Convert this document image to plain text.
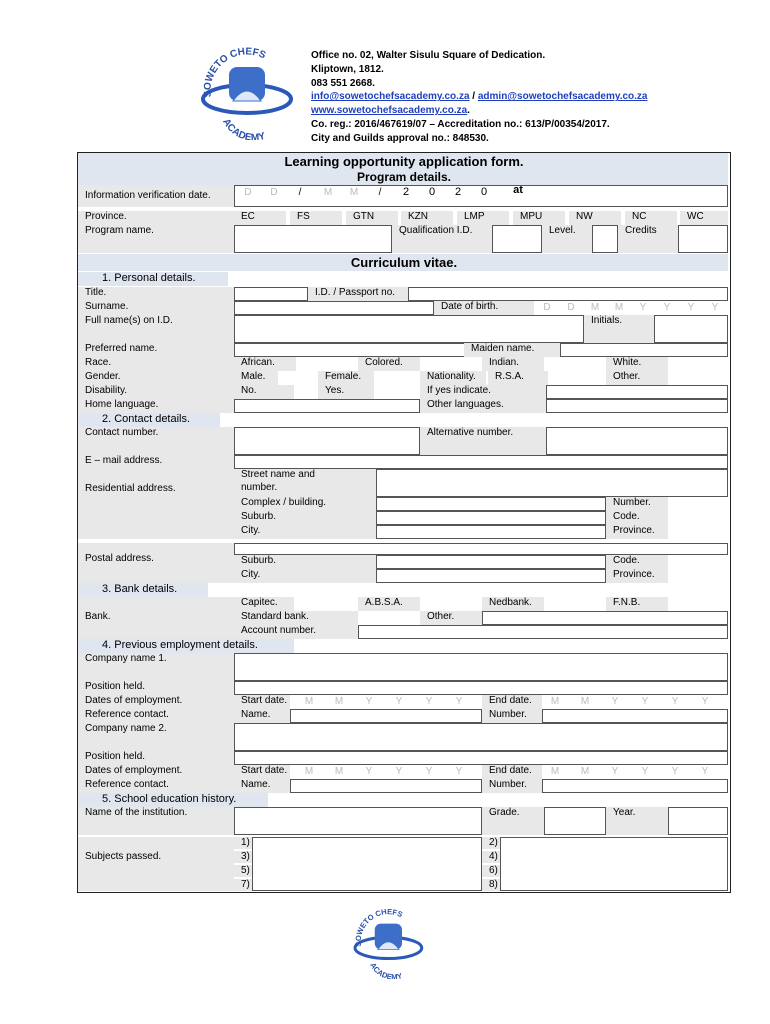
SOWETO CHEFS
ACADEMY
SOWETO CHEFS
ACADEMY
Office no. 02, Walter Sisulu Square of Dedication.
Kliptown, 1812.
083 551 2668.
info@sowetochefsacademy.co.za / admin@sowetochefsacademy.co.za
www.sowetochefsacademy.co.za.
Co. reg.: 2016/467619/07 – Accreditation no.: 613/P/00354/2017.
City and Guilds approval no.: 848530.
Learning opportunity application form.
Program details.
Information verification date.	D	D	/	M	M	/	2	0	2	0	at
Province.	EC	FS	GTN	KZN	LMP	MPU	NW	NC	WC
Program name.	Qualification I.D.	Level.	Credits
Curriculum vitae.
1. Personal details.
Title.	I.D. / Passport no.
Surname.	Date of birth.	D	D	M	M	Y	Y	Y	Y
Full name(s) on I.D.	Initials.
Preferred name.	Maiden name.
Race.	African.	Colored.	Indian.	White.
Gender.	Male.	Female.	Nationality.	R.S.A.	Other.
Disability.	No.	Yes.	If yes indicate.
Home language.	Other languages.
2. Contact details.
Contact number.	Alternative number.
E – mail address.
Residential address.
Street name and
number.
Complex / building.	Number.
Suburb.	Code.
City.	Province.
Postal address.	Suburb.	Code.
City.	Province.
3. Bank details.
Bank.
Capitec.	A.B.S.A.	Nedbank.	F.N.B.
Standard bank.	Other.
Account number.
4. Previous employment details.
Company name 1.
Position held.
Dates of employment.	Start date.	M	M	Y	Y	Y	Y	End date.	M	M	Y	Y	Y	Y
Reference contact.	Name.	Number.
Company name 2.
Position held.
Dates of employment.	Start date.	M	M	Y	Y	Y	Y	End date.	M	M	Y	Y	Y	Y
Reference contact.	Name.	Number.
5. School education history.
Name of the institution.	Grade.	Year.
Subjects passed.
1)
3)
5)
7)
2)
4)
6)
8)
